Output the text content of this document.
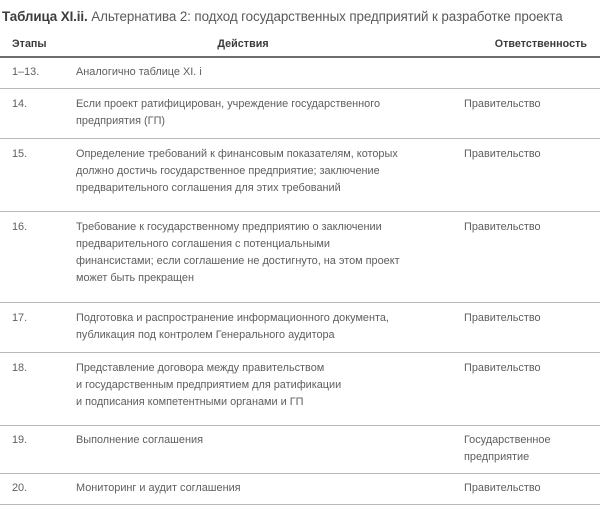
Таблица XI.ii. Альтернатива 2: подход государственных предприятий к разработке проекта
Этапы	Действия	Ответственность
1–13.	Аналогично таблице XI. i	

14.	Если проект ратифицирован, учреждение государственного
предприятия (ГП)	Правительство

15.	Определение требований к финансовым показателям, которых
должно достичь государственное предприятие; заключение
предварительного соглашения для этих требований	Правительство

16.	Требование к государственному предприятию о заключении
предварительного соглашения с потенциальными
финансистами; если соглашение не достигнуто, на этом проект
может быть прекращен	Правительство

17.	Подготовка и распространение информационного документа,
публикация под контролем Генерального аудитора	Правительство

18.	Представление договора между правительством
и государственным предприятием для ратификации
и подписания компетентными органами и ГП	Правительство

19.	Выполнение соглашения	Государственное
предприятие

20.	Мониторинг и аудит соглашения	Правительство
